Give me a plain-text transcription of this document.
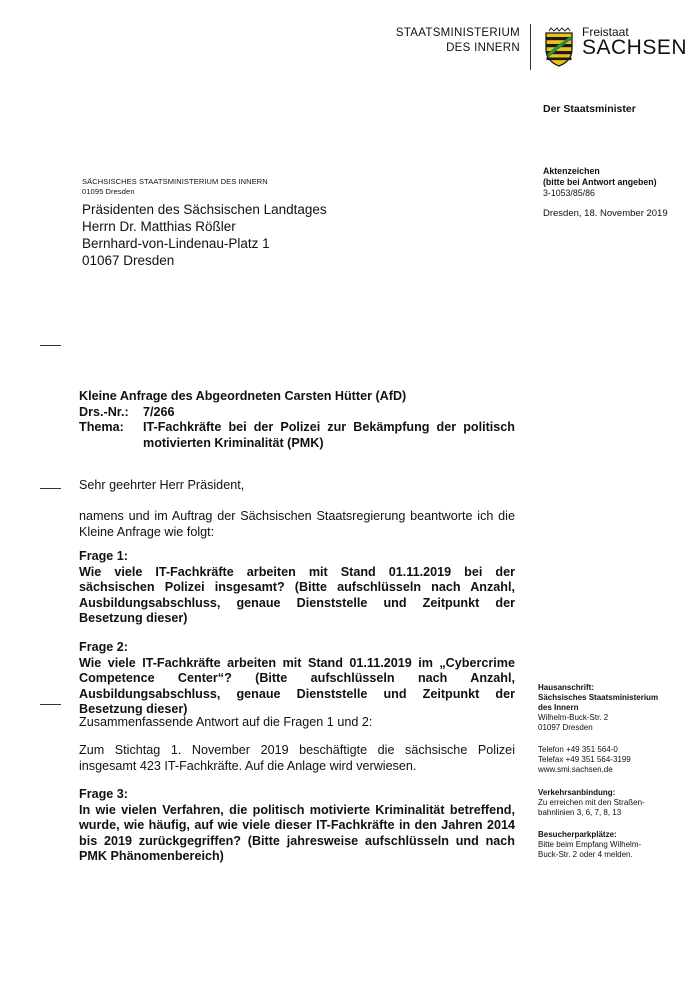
STAATSMINISTERIUM
DES INNERN
Freistaat
SACHSEN
Der Staatsminister
SÄCHSISCHES STAATSMINISTERIUM DES INNERN
01095 Dresden
Präsidenten des Sächsischen Landtages
Herrn Dr. Matthias Rößler
Bernhard-von-Lindenau-Platz 1
01067 Dresden
Aktenzeichen
(bitte bei Antwort angeben)
3-1053/85/86
Dresden, 18. November 2019
Kleine Anfrage des Abgeordneten Carsten Hütter (AfD)
Drs.-Nr.:	7/266
Thema:	IT-Fachkräfte bei der Polizei zur Bekämpfung der politisch motivierten Kriminalität (PMK)
Sehr geehrter Herr Präsident,
namens und im Auftrag der Sächsischen Staatsregierung beantworte ich die Kleine Anfrage wie folgt:
Frage 1:
Wie viele IT-Fachkräfte arbeiten mit Stand 01.11.2019 bei der sächsischen Polizei insgesamt? (Bitte aufschlüsseln nach Anzahl, Ausbildungsabschluss, genaue Dienststelle und Zeitpunkt der Besetzung dieser)
Frage 2:
Wie viele IT-Fachkräfte arbeiten mit Stand 01.11.2019 im „Cybercrime Competence Center“? (Bitte aufschlüsseln nach Anzahl, Ausbildungsabschluss, genaue Dienststelle und Zeitpunkt der Besetzung dieser)
Zusammenfassende Antwort auf die Fragen 1 und 2:
Zum Stichtag 1. November 2019 beschäftigte die sächsische Polizei insgesamt 423 IT-Fachkräfte. Auf die Anlage wird verwiesen.
Frage 3:
In wie vielen Verfahren, die politisch motivierte Kriminalität betreffend, wurde, wie häufig, auf wie viele dieser IT-Fachkräfte in den Jahren 2014 bis 2019 zurückgegriffen? (Bitte jahresweise aufschlüsseln und nach PMK Phänomenbereich)
Hausanschrift:
Sächsisches Staatsministerium
des Innern
Wilhelm-Buck-Str. 2
01097 Dresden
Telefon +49 351 564-0
Telefax +49 351 564-3199
www.smi.sachsen.de
Verkehrsanbindung:
Zu erreichen mit den Straßen-
bahnlinien 3, 6, 7, 8, 13
Besucherparkplätze:
Bitte beim Empfang Wilhelm-
Buck-Str. 2 oder 4 melden.
